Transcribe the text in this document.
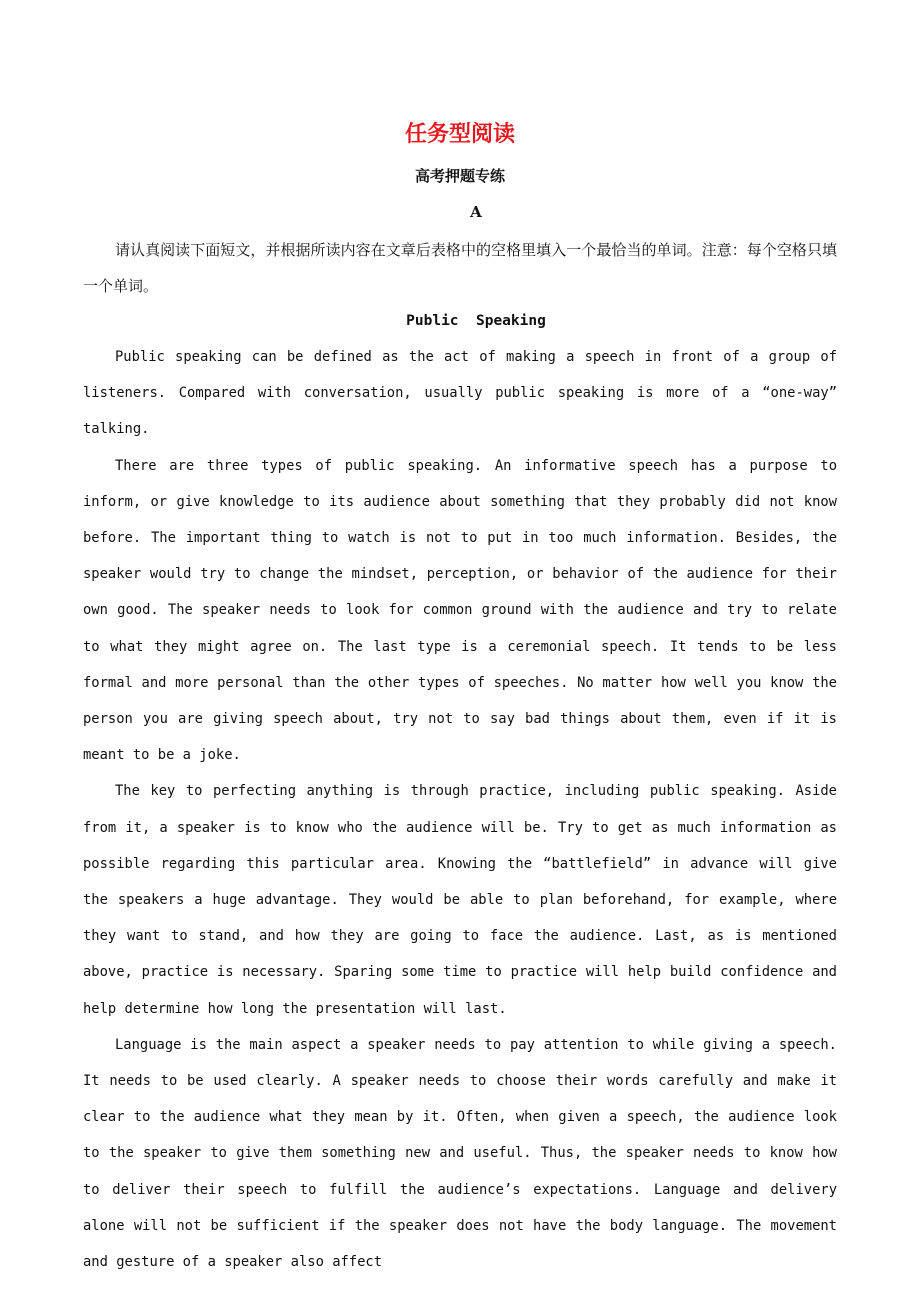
任务型阅读
高考押题专练
A

请认真阅读下面短文，并根据所读内容在文章后表格中的空格里填入一个最恰当的单词。注意：每个空格只填一个单词。

Public  Speaking

Public speaking can be defined as the act of making a speech in front of a group of listeners. Compared with conversation, usually public speaking is more of a “one-way” talking.

There are three types of public speaking. An informative speech has a purpose to inform, or give knowledge to its audience about something that they probably did not know before. The important thing to watch is not to put in too much information. Besides, the speaker would try to change the mindset, perception, or behavior of the audience for their own good. The speaker needs to look for common ground with the audience and try to relate to what they might agree on. The last type is a ceremonial speech. It tends to be less formal and more personal than the other types of speeches. No matter how well you know the person you are giving speech about, try not to say bad things about them, even if it is meant to be a joke.

The key to perfecting anything is through practice, including public speaking. Aside from it, a speaker is to know who the audience will be. Try to get as much information as possible regarding this particular area. Knowing the “battlefield” in advance will give the speakers a huge advantage. They would be able to plan beforehand, for example, where they want to stand, and how they are going to face the audience. Last, as is mentioned above, practice is necessary. Sparing some time to practice will help build confidence and help determine how long the presentation will last.

Language is the main aspect a speaker needs to pay attention to while giving a speech. It needs to be used clearly. A speaker needs to choose their words carefully and make it clear to the audience what they mean by it. Often, when given a speech, the audience look to the speaker to give them something new and useful. Thus, the speaker needs to know how to deliver their speech to fulfill the audience’s expectations. Language and delivery alone will not be sufficient if the speaker does not have the body language. The movement and gesture of a speaker also affect
